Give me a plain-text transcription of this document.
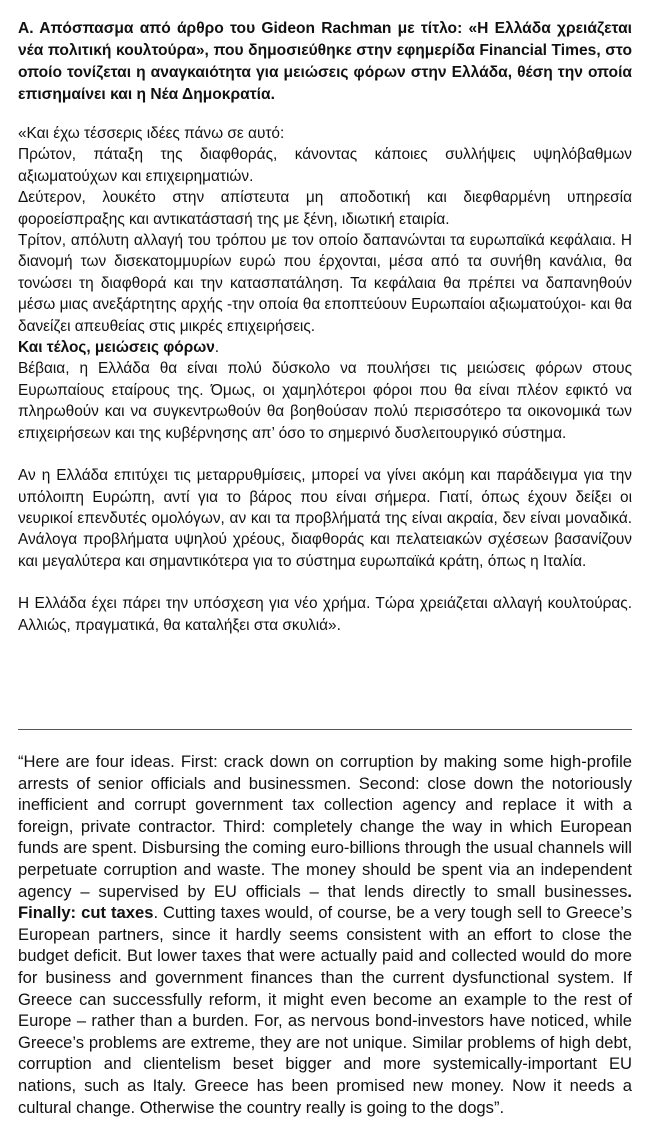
Α. Απόσπασμα από άρθρο του Gideon Rachman με τίτλο: «Η Ελλάδα χρειάζεται νέα πολιτική κουλτούρα», που δημοσιεύθηκε στην εφημερίδα Financial Times, στο οποίο τονίζεται η αναγκαιότητα για μειώσεις φόρων στην Ελλάδα, θέση την οποία επισημαίνει και η Νέα Δημοκρατία.

«Και έχω τέσσερις ιδέες πάνω σε αυτό:

Πρώτον, πάταξη της διαφθοράς, κάνοντας κάποιες συλλήψεις υψηλόβαθμων αξιωματούχων και επιχειρηματιών.

Δεύτερον, λουκέτο στην απίστευτα μη αποδοτική και διεφθαρμένη υπηρεσία φοροείσπραξης και αντικατάστασή της με ξένη, ιδιωτική εταιρία.

Τρίτον, απόλυτη αλλαγή του τρόπου με τον οποίο δαπανώνται τα ευρωπαϊκά κεφάλαια. Η διανομή των δισεκατομμυρίων ευρώ που έρχονται, μέσα από τα συνήθη κανάλια, θα τονώσει τη διαφθορά και την κατασπατάληση. Τα κεφάλαια θα πρέπει να δαπανηθούν μέσω μιας ανεξάρτητης αρχής -την οποία θα εποπτεύουν Ευρωπαίοι αξιωματούχοι- και θα δανείζει απευθείας στις μικρές επιχειρήσεις.

Και τέλος, μειώσεις φόρων.

Βέβαια, η Ελλάδα θα είναι πολύ δύσκολο να πουλήσει τις μειώσεις φόρων στους Ευρωπαίους εταίρους της. Όμως, οι χαμηλότεροι φόροι που θα είναι πλέον εφικτό να πληρωθούν και να συγκεντρωθούν θα βοηθούσαν πολύ περισσότερο τα οικονομικά των επιχειρήσεων και της κυβέρνησης απ’ όσο το σημερινό δυσλειτουργικό σύστημα.

Αν η Ελλάδα επιτύχει τις μεταρρυθμίσεις, μπορεί να γίνει ακόμη και παράδειγμα για την υπόλοιπη Ευρώπη, αντί για το βάρος που είναι σήμερα. Γιατί, όπως έχουν δείξει οι νευρικοί επενδυτές ομολόγων, αν και τα προβλήματά της είναι ακραία, δεν είναι μοναδικά. Ανάλογα προβλήματα υψηλού χρέους, διαφθοράς και πελατειακών σχέσεων βασανίζουν και μεγαλύτερα και σημαντικότερα για το σύστημα ευρωπαϊκά κράτη, όπως η Ιταλία.

Η Ελλάδα έχει πάρει την υπόσχεση για νέο χρήμα. Τώρα χρειάζεται αλλαγή κουλτούρας. Αλλιώς, πραγματικά, θα καταλήξει στα σκυλιά».

“Here are four ideas. First: crack down on corruption by making some high-profile arrests of senior officials and businessmen. Second: close down the notoriously inefficient and corrupt government tax collection agency and replace it with a foreign, private contractor. Third: completely change the way in which European funds are spent. Disbursing the coming euro-billions through the usual channels will perpetuate corruption and waste. The money should be spent via an independent agency – supervised by EU officials – that lends directly to small businesses. Finally: cut taxes. Cutting taxes would, of course, be a very tough sell to Greece’s European partners, since it hardly seems consistent with an effort to close the budget deficit. But lower taxes that were actually paid and collected would do more for business and government finances than the current dysfunctional system. If Greece can successfully reform, it might even become an example to the rest of Europe – rather than a burden. For, as nervous bond-investors have noticed, while Greece’s problems are extreme, they are not unique. Similar problems of high debt, corruption and clientelism beset bigger and more systemically-important EU nations, such as Italy. Greece has been promised new money. Now it needs a cultural change. Otherwise the country really is going to the dogs”.
